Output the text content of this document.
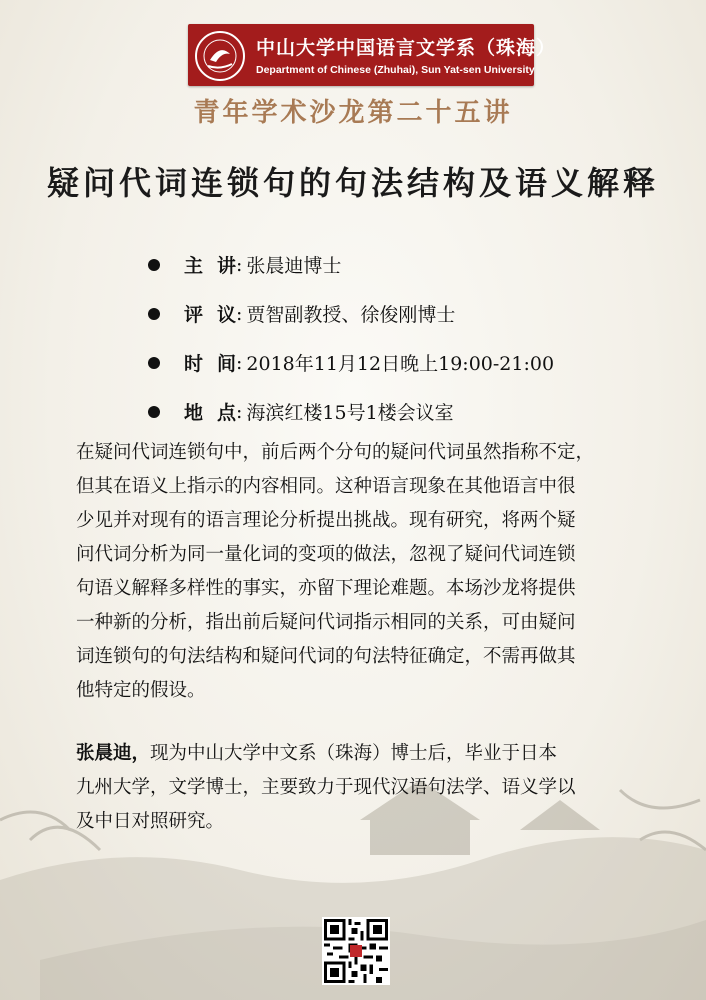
中山大学中国语言文学系（珠海）
Department of Chinese (Zhuhai), Sun Yat-sen University
青年学术沙龙第二十五讲
疑问代词连锁句的句法结构及语义解释
主 讲 : 张晨迪博士
评 议 : 贾智副教授、徐俊刚博士
时 间 : 2018年11月12日晚上19:00-21:00
地 点 : 海滨红楼15号1楼会议室
在疑问代词连锁句中，前后两个分句的疑问代词虽然指称不定，
但其在语义上指示的内容相同。这种语言现象在其他语言中很
少见并对现有的语言理论分析提出挑战。现有研究，将两个疑
问代词分析为同一量化词的变项的做法，忽视了疑问代词连锁
句语义解释多样性的事实，亦留下理论难题。本场沙龙将提供
一种新的分析，指出前后疑问代词指示相同的关系，可由疑问
词连锁句的句法结构和疑问代词的句法特征确定，不需再做其
他特定的假设。
张晨迪，现为中山大学中文系（珠海）博士后，毕业于日本
九州大学，文学博士，主要致力于现代汉语句法学、语义学以
及中日对照研究。
